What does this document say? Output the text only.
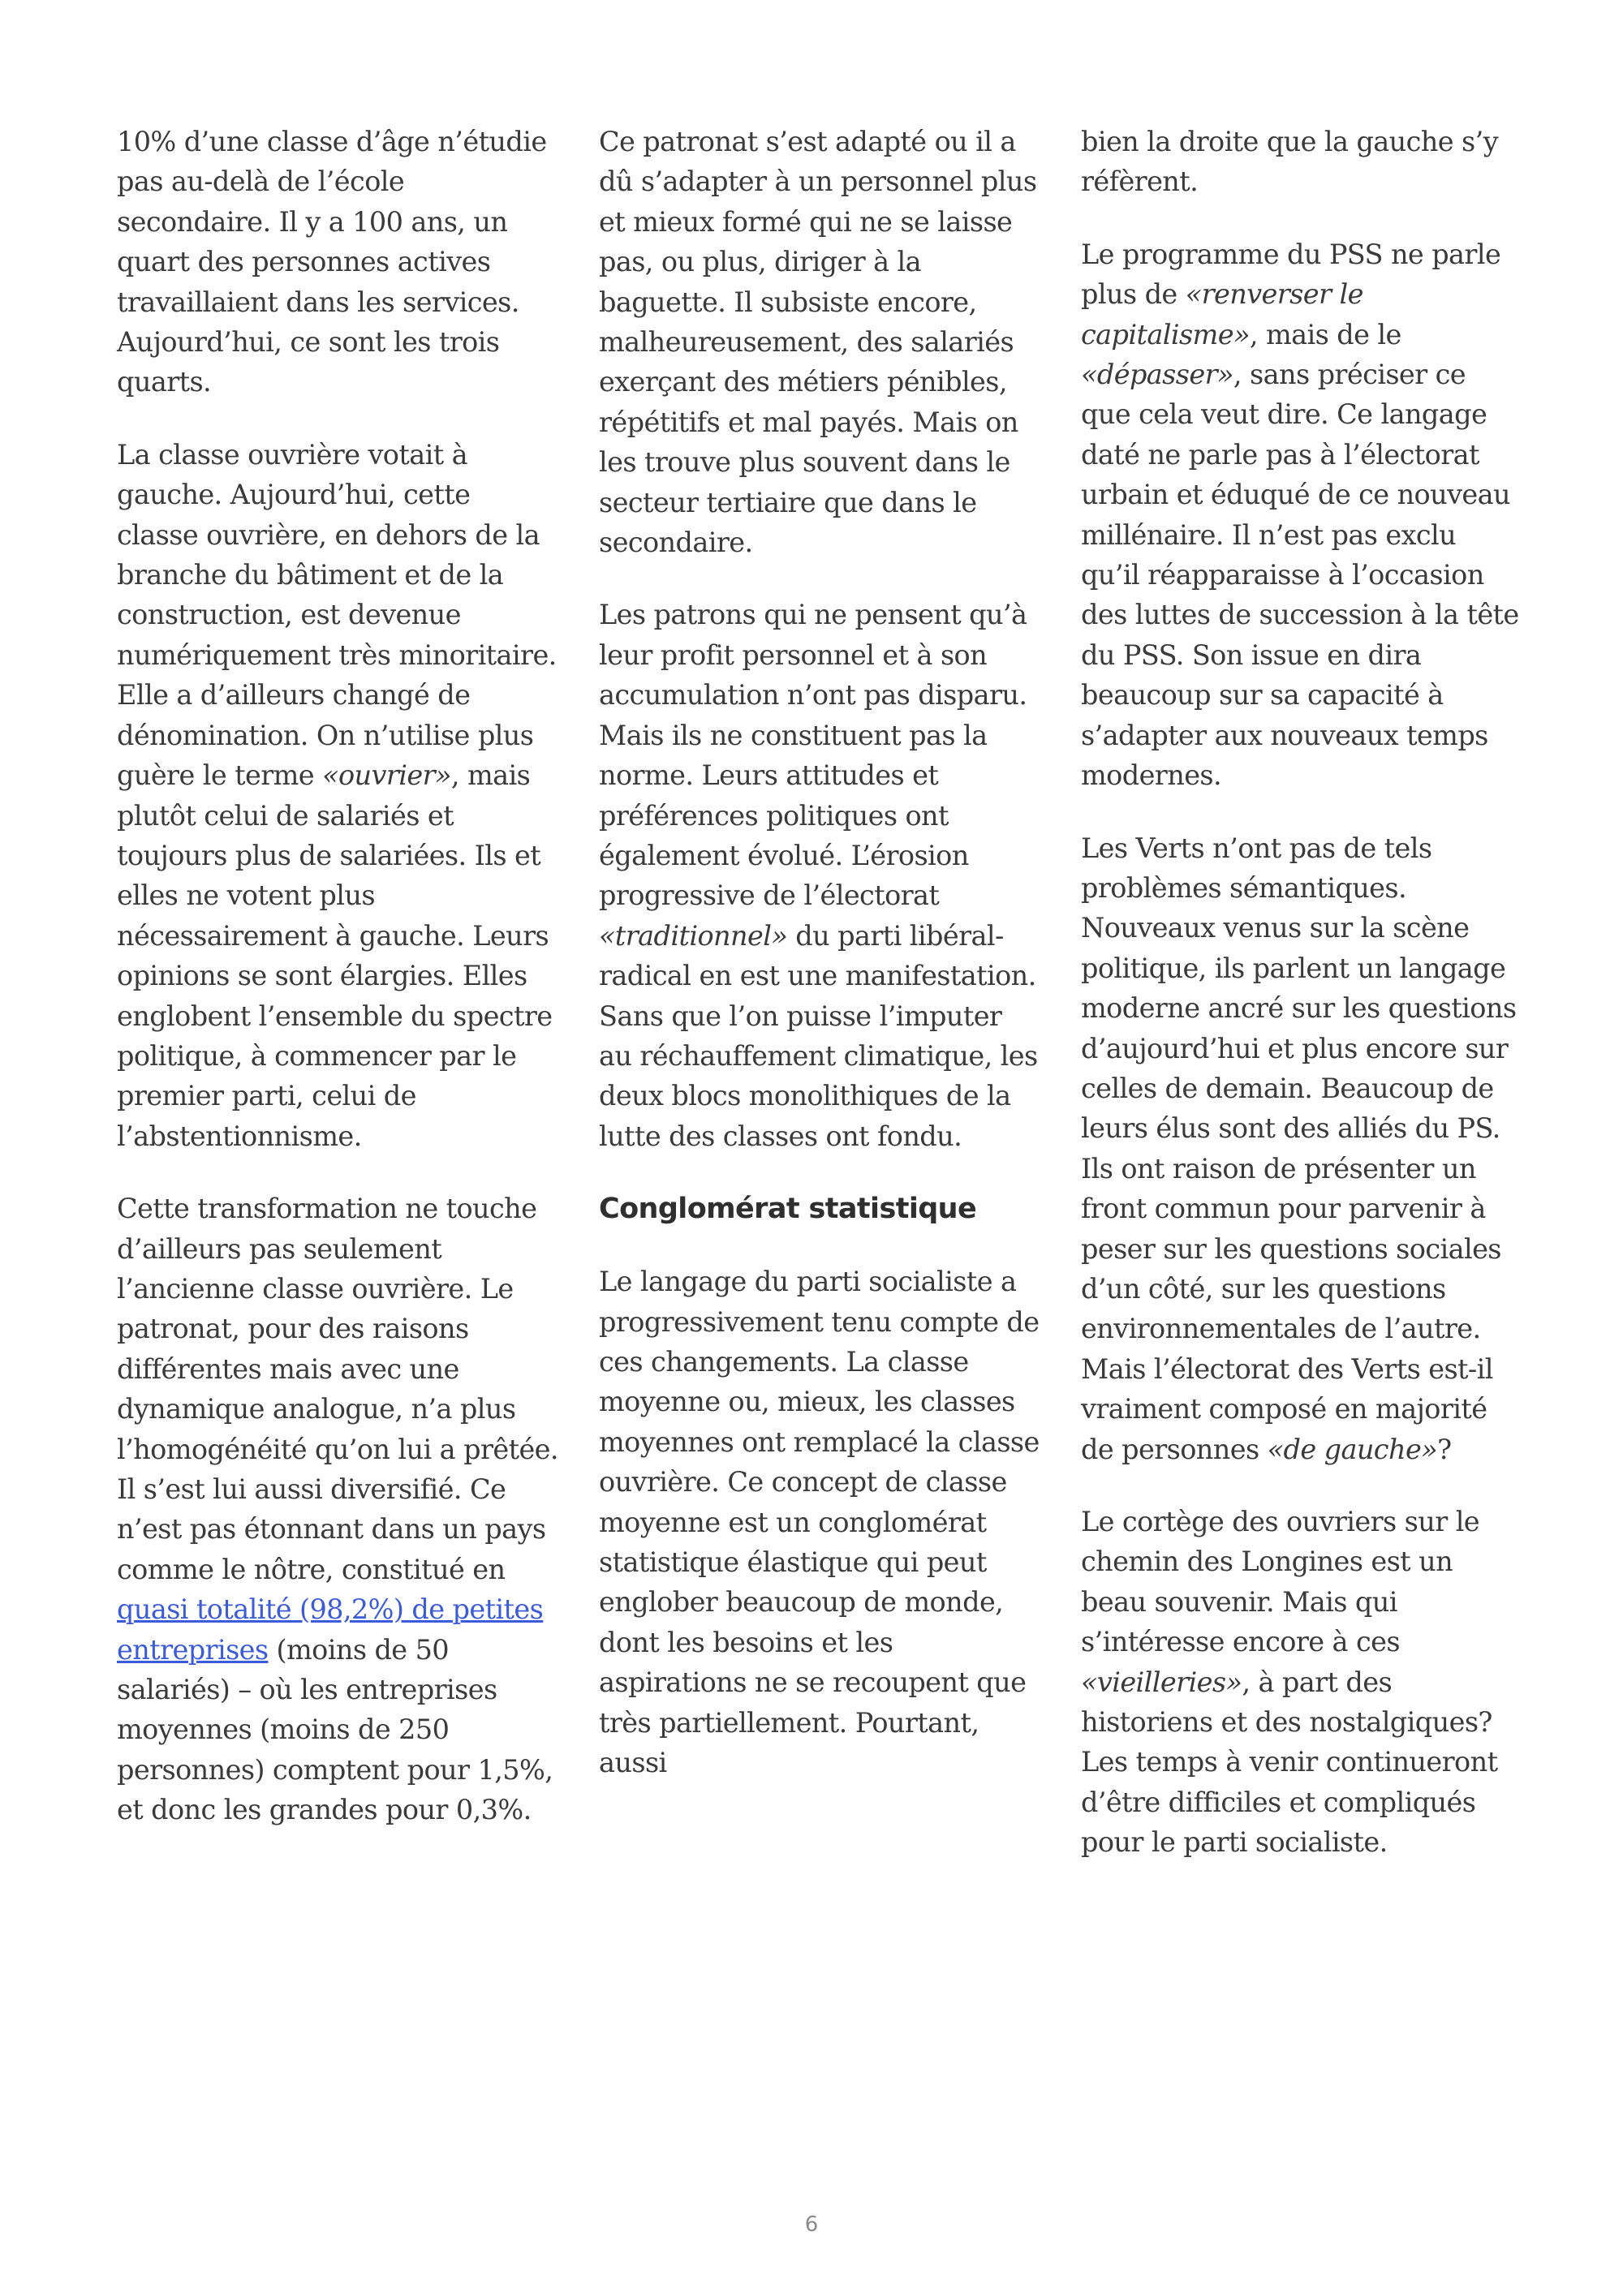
10% d’une classe d’âge n’étudie pas au-delà de l’école secondaire. Il y a 100 ans, un quart des personnes actives travaillaient dans les services. Aujourd’hui, ce sont les trois quarts.

La classe ouvrière votait à gauche. Aujourd’hui, cette classe ouvrière, en dehors de la branche du bâtiment et de la construction, est devenue numériquement très minoritaire. Elle a d’ailleurs changé de dénomination. On n’utilise plus guère le terme «ouvrier», mais plutôt celui de salariés et toujours plus de salariées. Ils et elles ne votent plus nécessairement à gauche. Leurs opinions se sont élargies. Elles englobent l’ensemble du spectre politique, à commencer par le premier parti, celui de l’abstentionnisme.

Cette transformation ne touche d’ailleurs pas seulement l’ancienne classe ouvrière. Le patronat, pour des raisons différentes mais avec une dynamique analogue, n’a plus l’homogénéité qu’on lui a prêtée. Il s’est lui aussi diversifié. Ce n’est pas étonnant dans un pays comme le nôtre, constitué en quasi totalité (98,2%) de petites entreprises (moins de 50 salariés) – où les entreprises moyennes (moins de 250 personnes) comptent pour 1,5%, et donc les grandes pour 0,3%.

Ce patronat s’est adapté ou il a dû s’adapter à un personnel plus et mieux formé qui ne se laisse pas, ou plus, diriger à la baguette. Il subsiste encore, malheureusement, des salariés exerçant des métiers pénibles, répétitifs et mal payés. Mais on les trouve plus souvent dans le secteur tertiaire que dans le secondaire.

Les patrons qui ne pensent qu’à leur profit personnel et à son accumulation n’ont pas disparu. Mais ils ne constituent pas la norme. Leurs attitudes et préférences politiques ont également évolué. L’érosion progressive de l’électorat «traditionnel» du parti libéral-radical en est une manifestation. Sans que l’on puisse l’imputer au réchauffement climatique, les deux blocs monolithiques de la lutte des classes ont fondu.

Conglomérat statistique

Le langage du parti socialiste a progressivement tenu compte de ces changements. La classe moyenne ou, mieux, les classes moyennes ont remplacé la classe ouvrière. Ce concept de classe moyenne est un conglomérat statistique élastique qui peut englober beaucoup de monde, dont les besoins et les aspirations ne se recoupent que très partiellement. Pourtant, aussi

bien la droite que la gauche s’y réfèrent.

Le programme du PSS ne parle plus de «renverser le capitalisme», mais de le «dépasser», sans préciser ce que cela veut dire. Ce langage daté ne parle pas à l’électorat urbain et éduqué de ce nouveau millénaire. Il n’est pas exclu qu’il réapparaisse à l’occasion des luttes de succession à la tête du PSS. Son issue en dira beaucoup sur sa capacité à s’adapter aux nouveaux temps modernes.

Les Verts n’ont pas de tels problèmes sémantiques. Nouveaux venus sur la scène politique, ils parlent un langage moderne ancré sur les questions d’aujourd’hui et plus encore sur celles de demain. Beaucoup de leurs élus sont des alliés du PS. Ils ont raison de présenter un front commun pour parvenir à peser sur les questions sociales d’un côté, sur les questions environnementales de l’autre. Mais l’électorat des Verts est-il vraiment composé en majorité de personnes «de gauche»?

Le cortège des ouvriers sur le chemin des Longines est un beau souvenir. Mais qui s’intéresse encore à ces «vieilleries», à part des historiens et des nostalgiques? Les temps à venir continueront d’être difficiles et compliqués pour le parti socialiste.

6
